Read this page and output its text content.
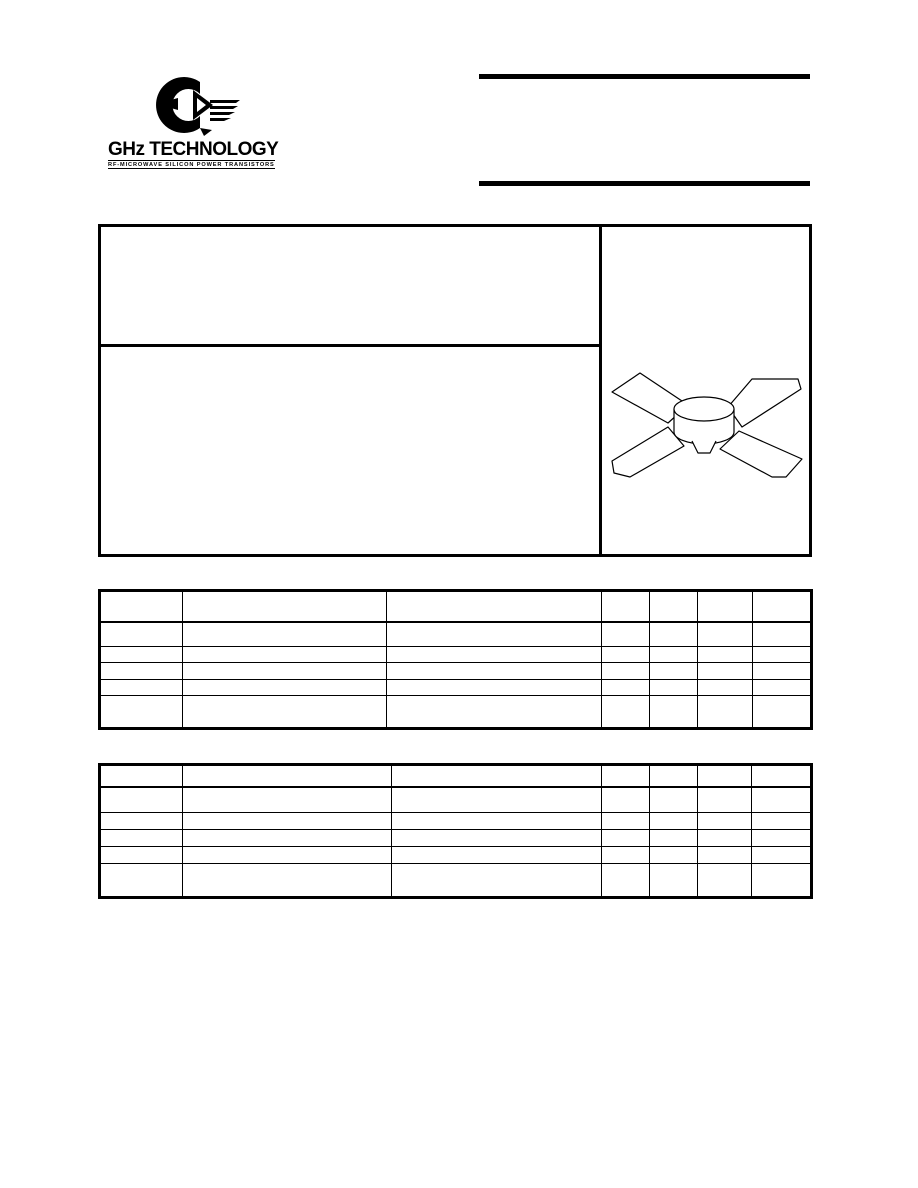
GHz TECHNOLOGY
RF-MICROWAVE SILICON POWER TRANSISTORS
